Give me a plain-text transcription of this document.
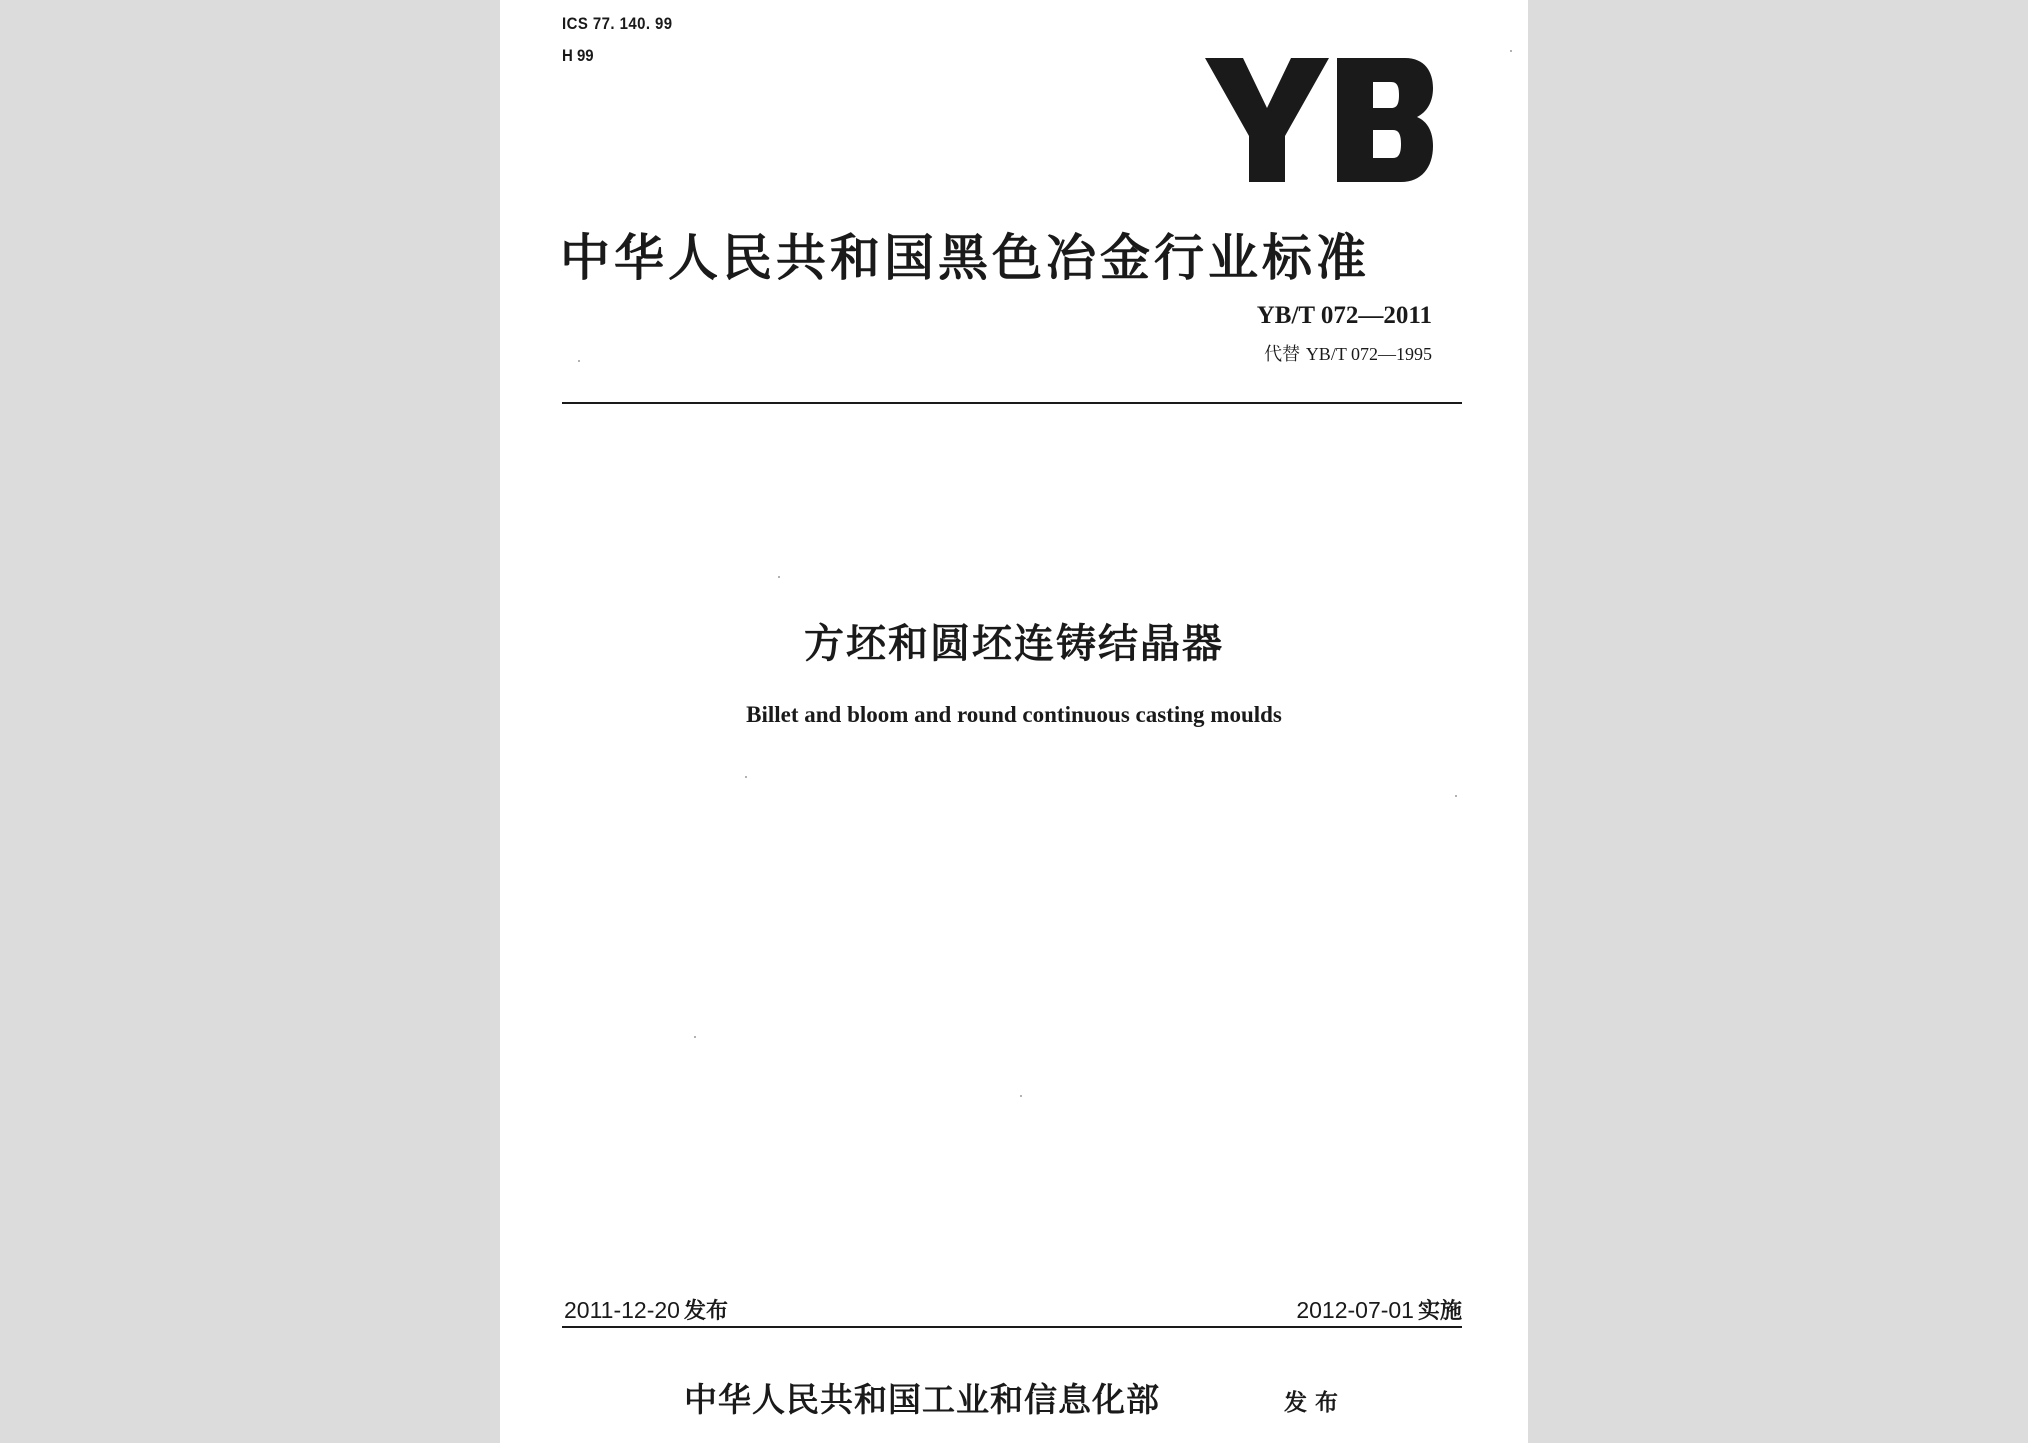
ICS 77. 140. 99
H 99
中华人民共和国黑色冶金行业标准
YB/T 072—2011
代替 YB/T 072—1995
方坯和圆坯连铸结晶器
Billet and bloom and round continuous casting moulds
2011-12-20 发布	2012-07-01 实施
中华人民共和国工业和信息化部	发布
